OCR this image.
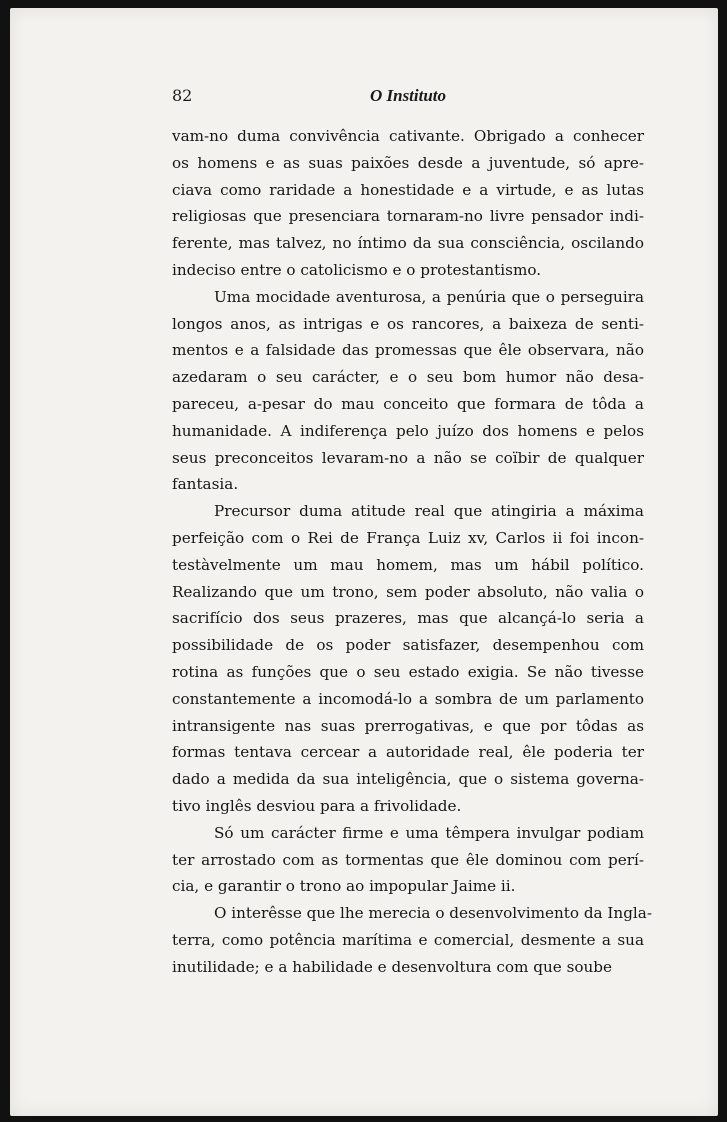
82	O Instituto

vam-no duma convivência cativante. Obrigado a conhecer
os homens e as suas paixões desde a juventude, só apre-
ciava como raridade a honestidade e a virtude, e as lutas
religiosas que presenciara tornaram-no livre pensador indi-
ferente, mas talvez, no íntimo da sua consciência, oscilando
indeciso entre o catolicismo e o protestantismo.

Uma mocidade aventurosa, a penúria que o perseguira
longos anos, as intrigas e os rancores, a baixeza de senti-
mentos e a falsidade das promessas que êle observara, não
azedaram o seu carácter, e o seu bom humor não desa-
pareceu, a-pesar do mau conceito que formara de tôda a
humanidade. A indiferença pelo juízo dos homens e pelos
seus preconceitos levaram-no a não se coïbir de qualquer
fantasia.

Precursor duma atitude real que atingiria a máxima
perfeição com o Rei de França Luiz xv, Carlos ii foi incon-
testàvelmente um mau homem, mas um hábil político.
Realizando que um trono, sem poder absoluto, não valia o
sacrifício dos seus prazeres, mas que alcançá-lo seria a
possibilidade de os poder satisfazer, desempenhou com
rotina as funções que o seu estado exigia. Se não tivesse
constantemente a incomodá-lo a sombra de um parlamento
intransigente nas suas prerrogativas, e que por tôdas as
formas tentava cercear a autoridade real, êle poderia ter
dado a medida da sua inteligência, que o sistema governa-
tivo inglês desviou para a frivolidade.

Só um carácter firme e uma têmpera invulgar podiam
ter arrostado com as tormentas que êle dominou com perí-
cia, e garantir o trono ao impopular Jaime ii.

O interêsse que lhe merecia o desenvolvimento da Ingla-
terra, como potência marítima e comercial, desmente a sua
inutilidade; e a habilidade e desenvoltura com que soube
